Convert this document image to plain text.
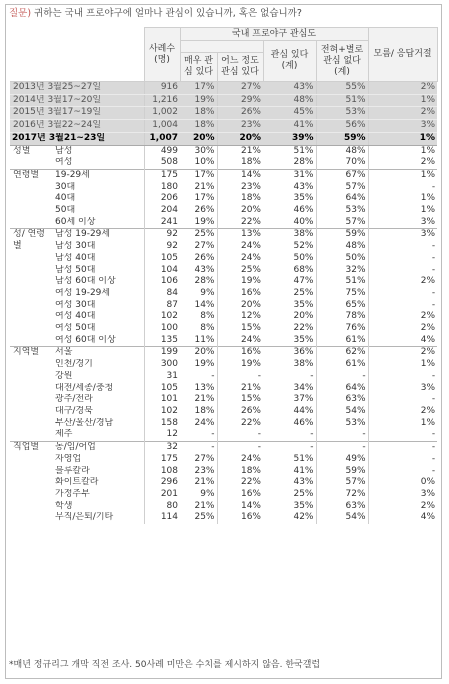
질문) 귀하는 국내 프로야구에 얼마나 관심이 있습니까, 혹은 없습니까?
		사례수 (명)	국내 프로야구 관심도				모름/ 응답거절
					관심 있다 (계)	전혀+별로 관심 없다 (계)	
			매우 관심 있다	어느 정도 관심 있다			
2013년 3월25~27일		916	17%	27%	43%	55%	2%
2014년 3월17~20일		1,216	19%	29%	48%	51%	1%
2015년 3월17~19일		1,002	18%	26%	45%	53%	2%
2016년 3월22~24일		1,004	18%	23%	41%	56%	3%
2017년 3월21~23일		1,007	20%	20%	39%	59%	1%
성별	남성	499	30%	21%	51%	48%	1%
	여성	508	10%	18%	28%	70%	2%
연령별	19-29세	175	17%	14%	31%	67%	1%
	30대	180	21%	23%	43%	57%	-
	40대	206	17%	18%	35%	64%	1%
	50대	204	26%	20%	46%	53%	1%
	60세 이상	241	19%	22%	40%	57%	3%
성/ 연령별	남성 19-29세	92	25%	13%	38%	59%	3%
	남성 30대	92	27%	24%	52%	48%	-
	남성 40대	105	26%	24%	50%	50%	-
	남성 50대	104	43%	25%	68%	32%	-
	남성 60대 이상	106	28%	19%	47%	51%	2%
	여성 19-29세	84	9%	16%	25%	75%	-
	여성 30대	87	14%	20%	35%	65%	-
	여성 40대	102	8%	12%	20%	78%	2%
	여성 50대	100	8%	15%	22%	76%	2%
	여성 60대 이상	135	11%	24%	35%	61%	4%
지역별	서울	199	20%	16%	36%	62%	2%
	인천/경기	300	19%	19%	38%	61%	1%
	강원	31	-	-	-	-	-
	대전/세종/충청	105	13%	21%	34%	64%	3%
	광주/전라	101	21%	15%	37%	63%	-
	대구/경북	102	18%	26%	44%	54%	2%
	부산/울산/경남	158	24%	22%	46%	53%	1%
	제주	12	-	-	-	-	-
직업별	농/임/어업	32	-	-	-	-	-
	자영업	175	27%	24%	51%	49%	-
	블루칼라	108	23%	18%	41%	59%	-
	화이트칼라	296	21%	22%	43%	57%	0%
	가정주부	201	9%	16%	25%	72%	3%
	학생	80	21%	14%	35%	63%	2%
	무직/은퇴/기타	114	25%	16%	42%	54%	4%
*매년 정규리그 개막 직전 조사. 50사례 미만은 수치를 제시하지 않음. 한국갤럽
